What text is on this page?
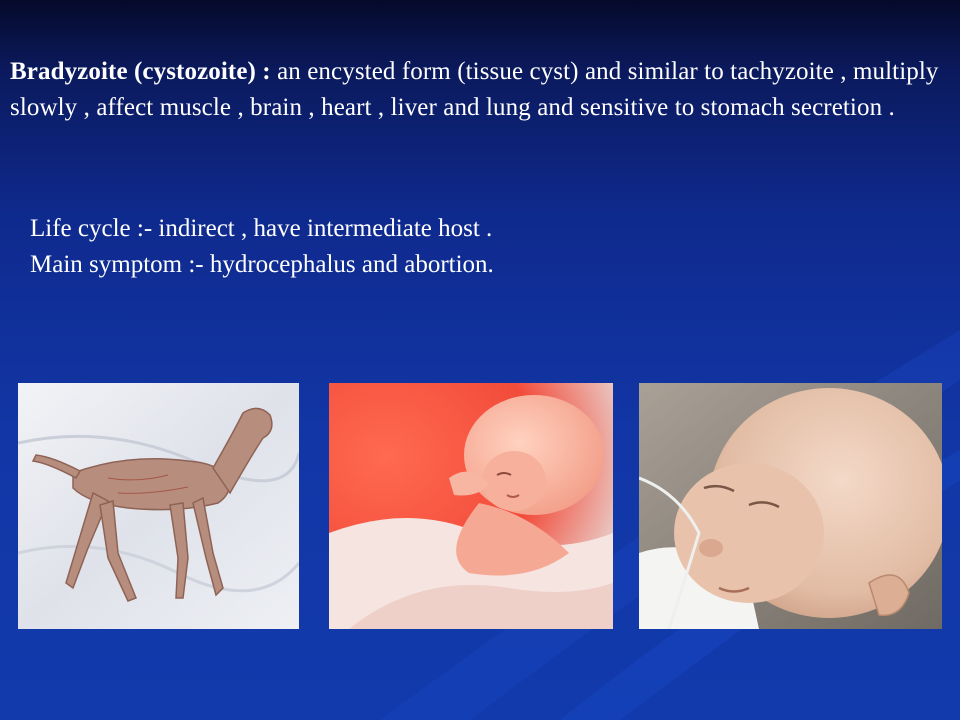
Bradyzoite (cystozoite) : an encysted form (tissue cyst) and similar to tachyzoite , multiply slowly , affect muscle , brain , heart , liver and lung and sensitive to stomach secretion .
Life cycle :- indirect , have intermediate host .
Main symptom :- hydrocephalus and abortion.
